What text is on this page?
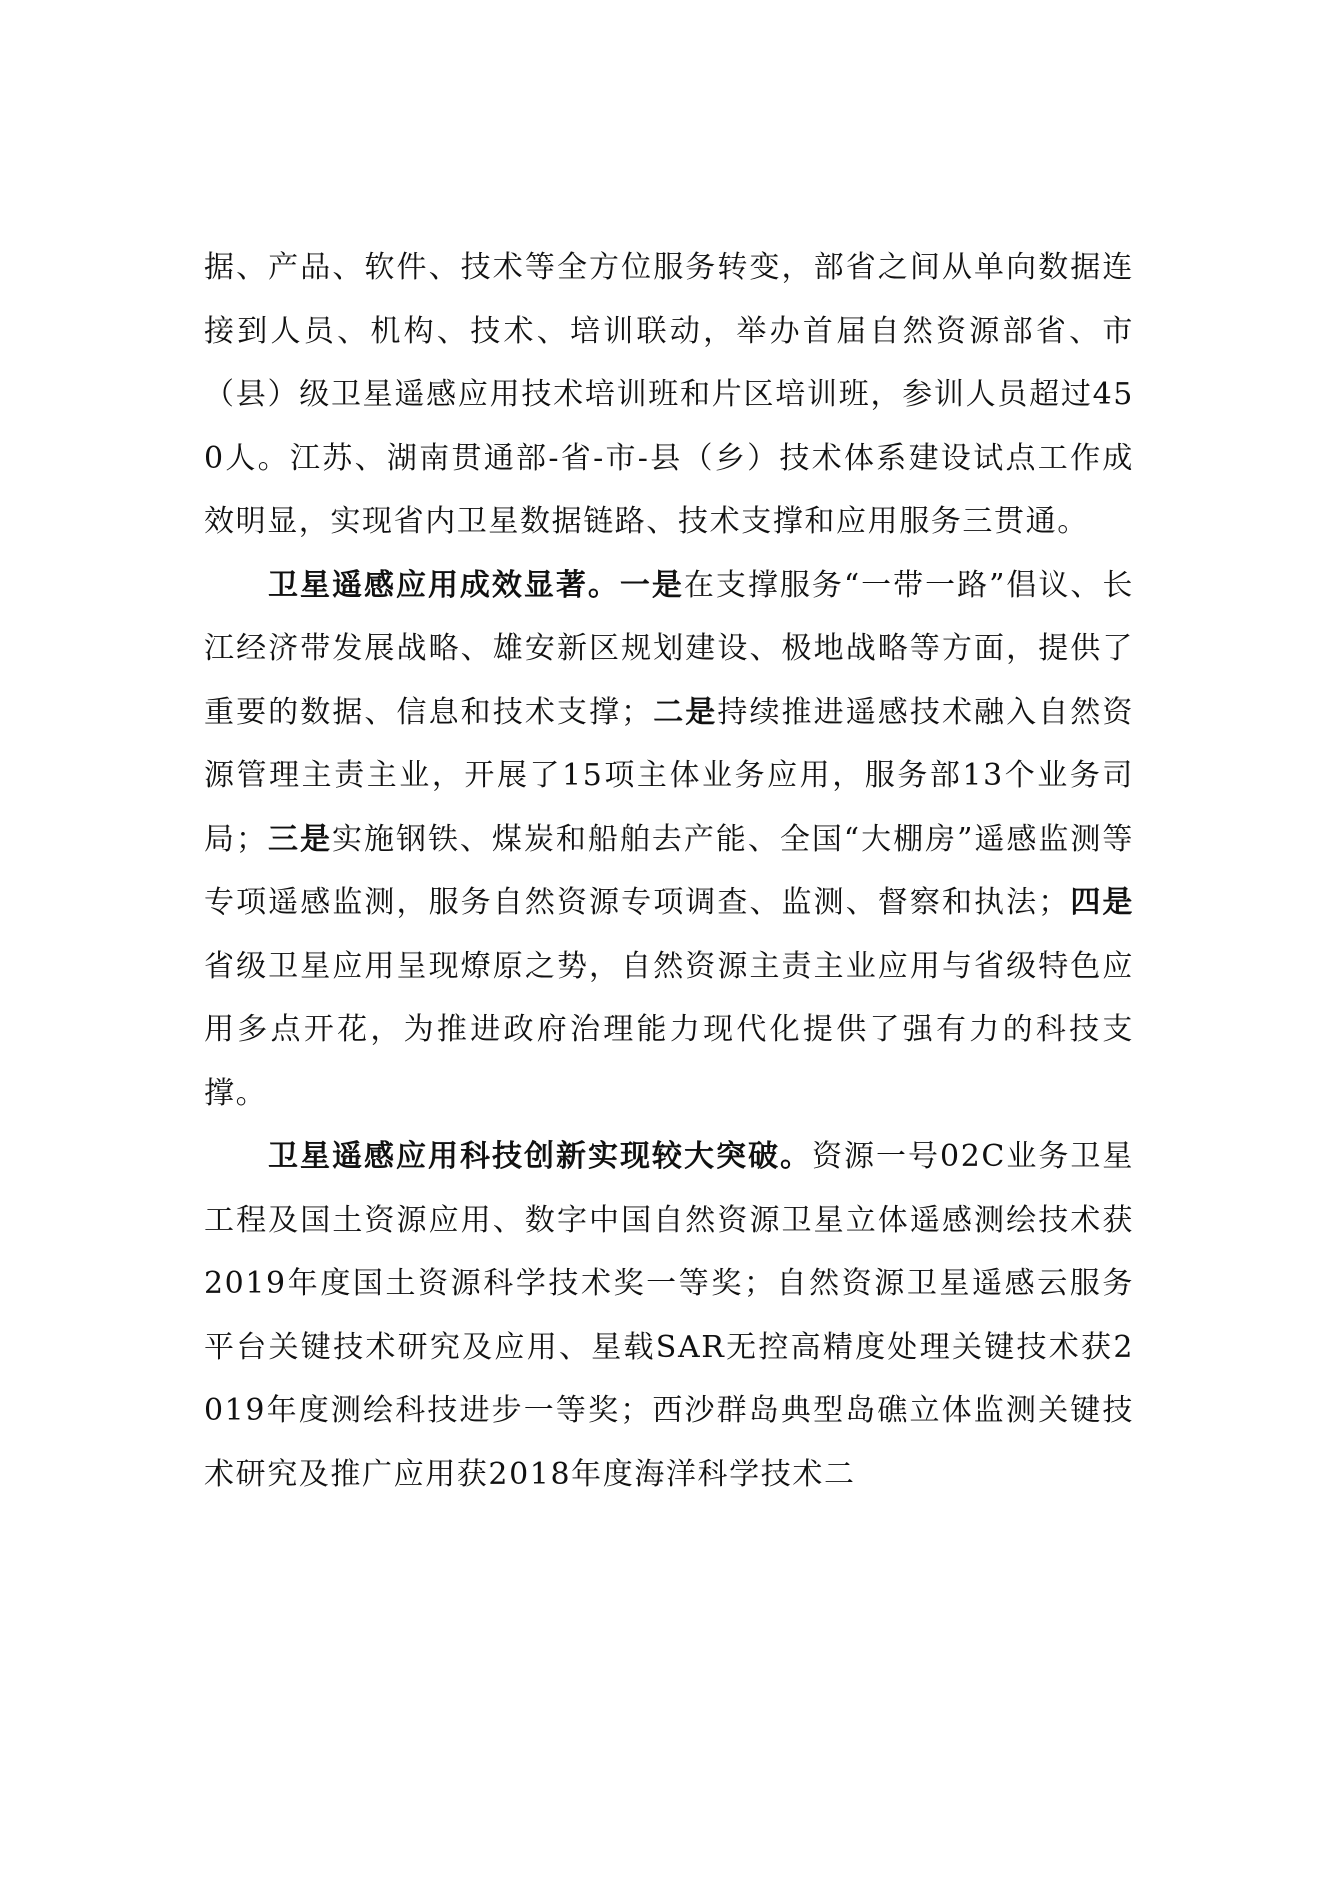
据、产品、软件、技术等全方位服务转变，部省之间从单向数据连接到人员、机构、技术、培训联动，举办首届自然资源部省、市（县）级卫星遥感应用技术培训班和片区培训班，参训人员超过450人。江苏、湖南贯通部-省-市-县（乡）技术体系建设试点工作成效明显，实现省内卫星数据链路、技术支撑和应用服务三贯通。

卫星遥感应用成效显著。一是在支撑服务“一带一路”倡议、长江经济带发展战略、雄安新区规划建设、极地战略等方面，提供了重要的数据、信息和技术支撑；二是持续推进遥感技术融入自然资源管理主责主业，开展了15项主体业务应用，服务部13个业务司局；三是实施钢铁、煤炭和船舶去产能、全国“大棚房”遥感监测等专项遥感监测，服务自然资源专项调查、监测、督察和执法；四是省级卫星应用呈现燎原之势，自然资源主责主业应用与省级特色应用多点开花，为推进政府治理能力现代化提供了强有力的科技支撑。

卫星遥感应用科技创新实现较大突破。资源一号02C业务卫星工程及国土资源应用、数字中国自然资源卫星立体遥感测绘技术获2019年度国土资源科学技术奖一等奖；自然资源卫星遥感云服务平台关键技术研究及应用、星载SAR无控高精度处理关键技术获2019年度测绘科技进步一等奖；西沙群岛典型岛礁立体监测关键技术研究及推广应用获2018年度海洋科学技术二
